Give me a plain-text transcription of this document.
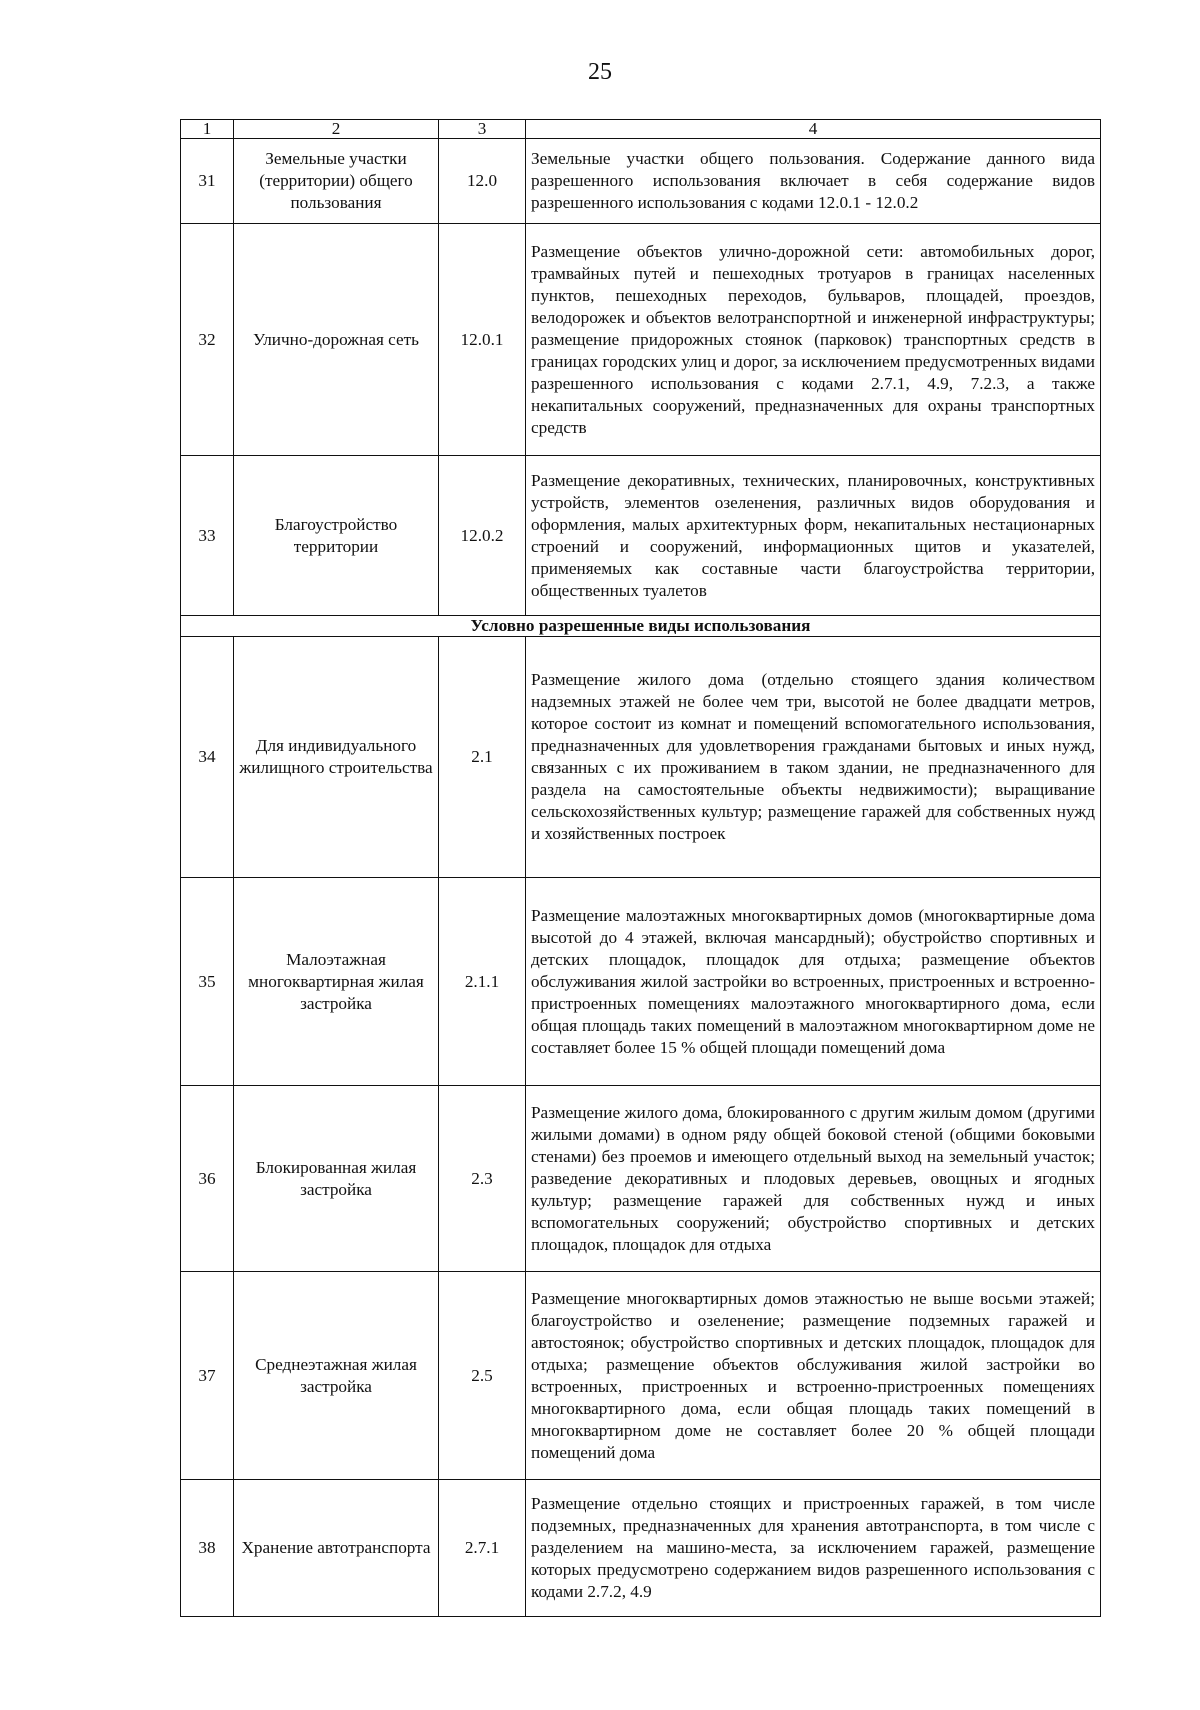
25
1	2	3	4
31	Земельные участки (территории) общего пользования	12.0	Земельные участки общего пользования. Содержание данного вида разрешенного использования включает в себя содержание видов разрешенного использования с кодами 12.0.1 - 12.0.2
32	Улично-дорожная сеть	12.0.1	Размещение объектов улично-дорожной сети: автомобильных дорог, трамвайных путей и пешеходных тротуаров в границах населенных пунктов, пешеходных переходов, бульваров, площадей, проездов, велодорожек и объектов велотранспортной и инженерной инфраструктуры; размещение придорожных стоянок (парковок) транспортных средств в границах городских улиц и дорог, за исключением предусмотренных видами разрешенного использования с кодами 2.7.1, 4.9, 7.2.3, а также некапитальных сооружений, предназначенных для охраны транспортных средств
33	Благоустройство территории	12.0.2	Размещение декоративных, технических, планировочных, конструктивных устройств, элементов озеленения, различных видов оборудования и оформления, малых архитектурных форм, некапитальных нестационарных строений и сооружений, информационных щитов и указателей, применяемых как составные части благоустройства территории, общественных туалетов
Условно разрешенные виды использования			
34	Для индивидуального жилищного строительства	2.1	Размещение жилого дома (отдельно стоящего здания количеством надземных этажей не более чем три, высотой не более двадцати метров, которое состоит из комнат и помещений вспомогательного использования, предназначенных для удовлетворения гражданами бытовых и иных нужд, связанных с их проживанием в таком здании, не предназначенного для раздела на самостоятельные объекты недвижимости); выращивание сельскохозяйственных культур; размещение гаражей для собственных нужд и хозяйственных построек
35	Малоэтажная многоквартирная жилая застройка	2.1.1	Размещение малоэтажных многоквартирных домов (многоквартирные дома высотой до 4 этажей, включая мансардный); обустройство спортивных и детских площадок, площадок для отдыха; размещение объектов обслуживания жилой застройки во встроенных, пристроенных и встроенно-пристроенных помещениях малоэтажного многоквартирного дома, если общая площадь таких помещений в малоэтажном многоквартирном доме не составляет более 15 % общей площади помещений дома
36	Блокированная жилая застройка	2.3	Размещение жилого дома, блокированного с другим жилым домом (другими жилыми домами) в одном ряду общей боковой стеной (общими боковыми стенами) без проемов и имеющего отдельный выход на земельный участок; разведение декоративных и плодовых деревьев, овощных и ягодных культур; размещение гаражей для собственных нужд и иных вспомогательных сооружений; обустройство спортивных и детских площадок, площадок для отдыха
37	Среднеэтажная жилая застройка	2.5	Размещение многоквартирных домов этажностью не выше восьми этажей; благоустройство и озеленение; размещение подземных гаражей и автостоянок; обустройство спортивных и детских площадок, площадок для отдыха; размещение объектов обслуживания жилой застройки во встроенных, пристроенных и встроенно-пристроенных помещениях многоквартирного дома, если общая площадь таких помещений в многоквартирном доме не составляет более 20 % общей площади помещений дома
38	Хранение автотранспорта	2.7.1	Размещение отдельно стоящих и пристроенных гаражей, в том числе подземных, предназначенных для хранения автотранспорта, в том числе с разделением на машино-места, за исключением гаражей, размещение которых предусмотрено содержанием видов разрешенного использования с кодами 2.7.2, 4.9
